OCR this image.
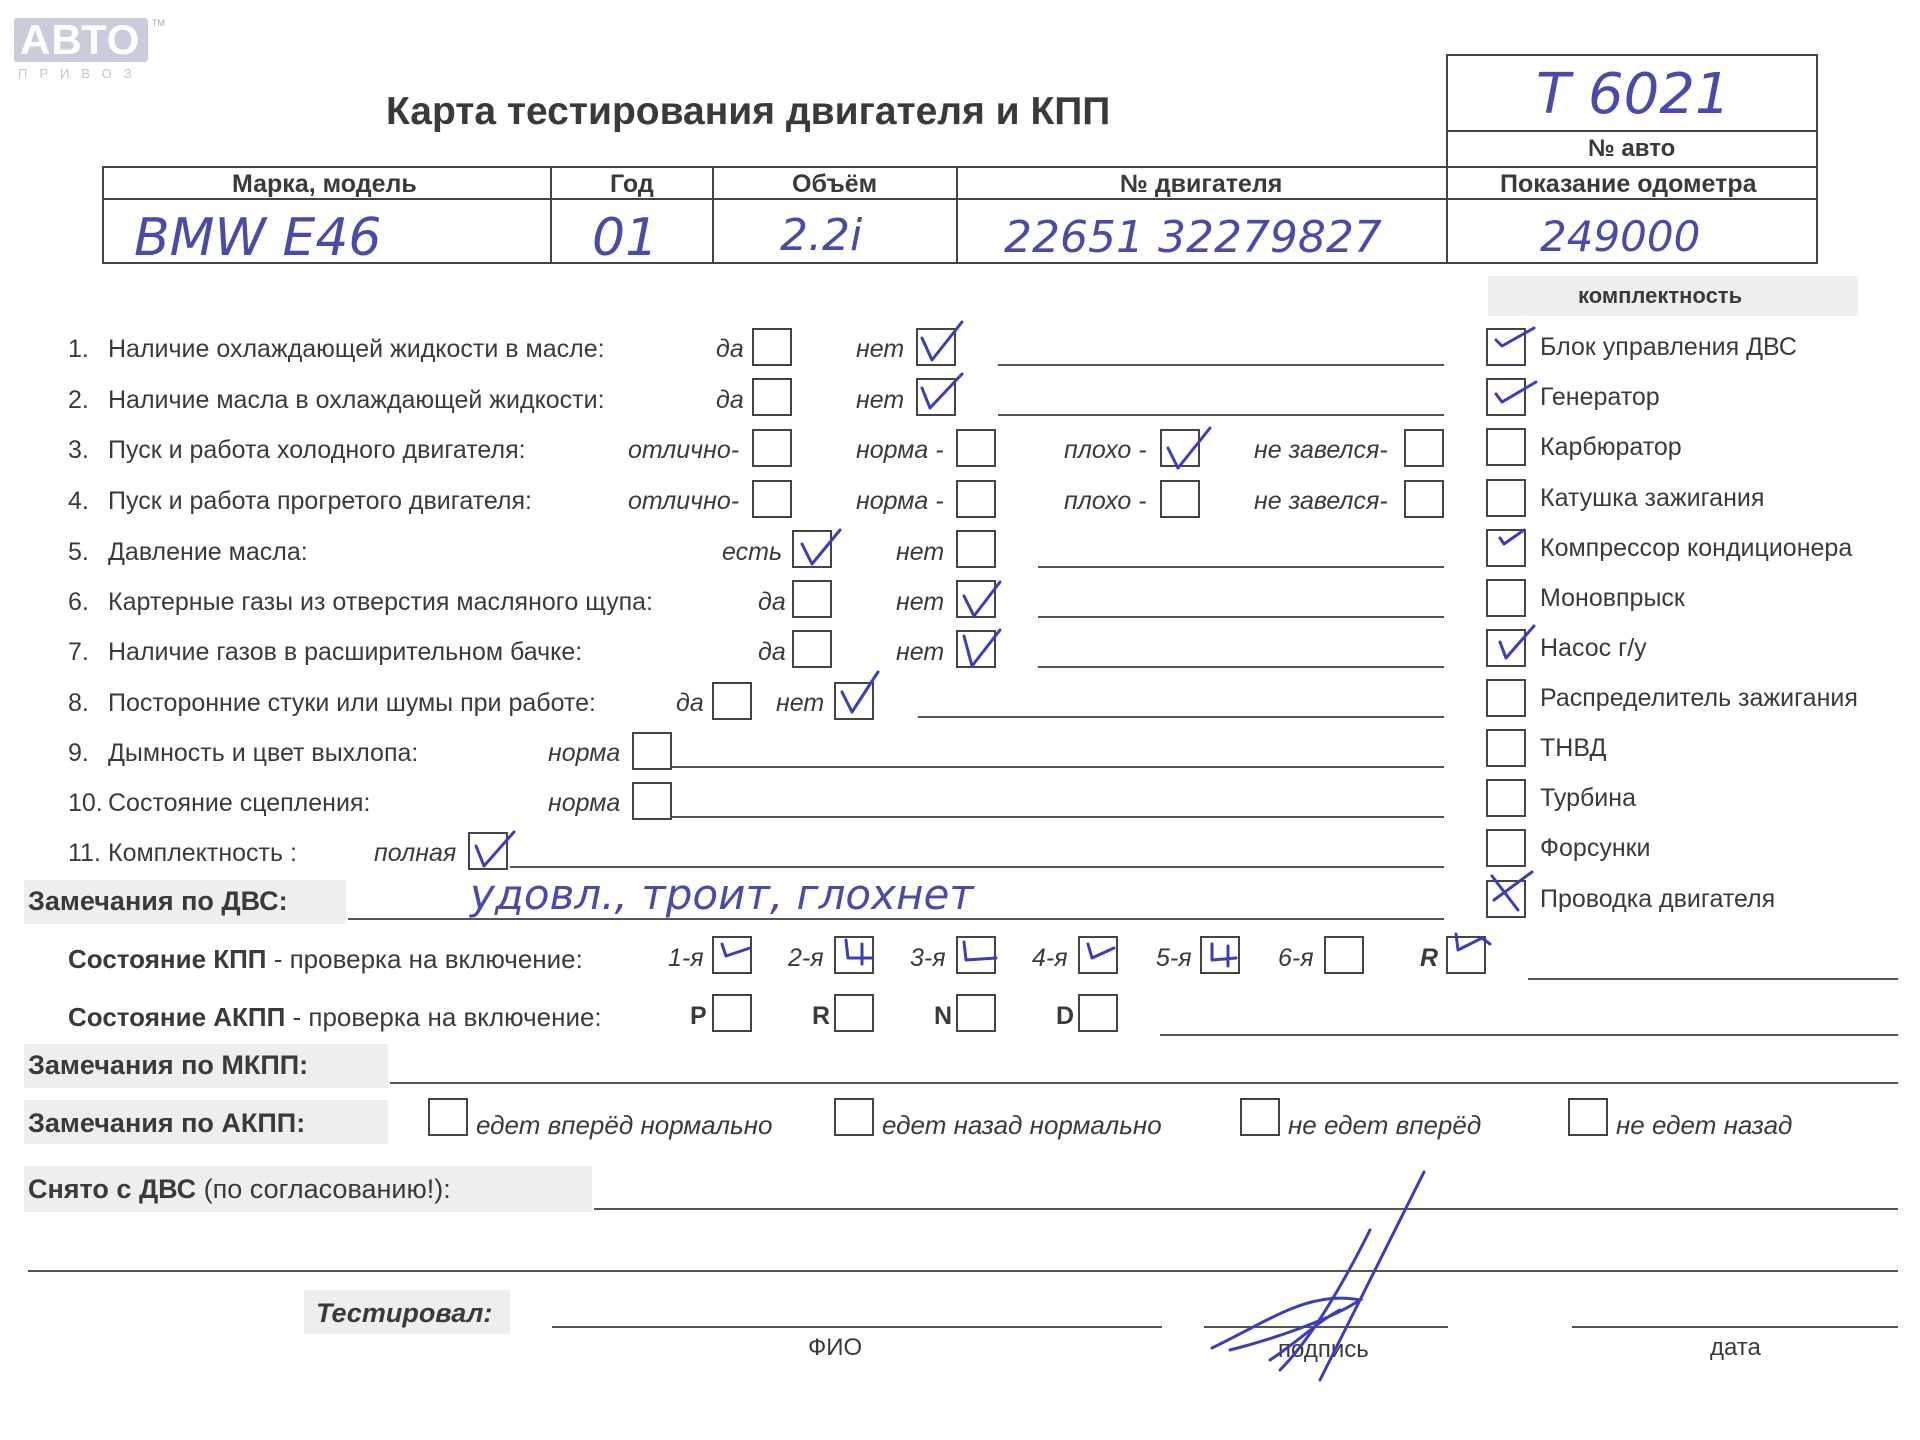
АВТО TM
ПРИВОЗ
Карта тестирования двигателя и КПП	T 6021
№ авто
Марка, модель	Год	Объём	№ двигателя	Показание одометра
BMW E46	01	2.2i	22651 32279827	249000
комплектность
Блок управления ДВС
Генератор
Карбюратор
Катушка зажигания
Компрессор кондиционера
Моновпрыск
Насос г/у
Распределитель зажигания
ТНВД
Турбина
Форсунки
Проводка двигателя
1. Наличие охлаждающей жидкости в масле:	да	нет
2. Наличие масла в охлаждающей жидкости:	да	нет
3. Пуск и работа холодного двигателя:	отлично-	норма -	плохо -	не завелся-
4. Пуск и работа прогретого двигателя:	отлично-	норма -	плохо -	не завелся-
5. Давление масла:	есть	нет
6. Картерные газы из отверстия масляного щупа:	да	нет
7. Наличие газов в расширительном бачке:	да	нет
8. Посторонние стуки или шумы при работе:	да	нет
9. Дымность и цвет выхлопа:	норма
10. Состояние сцепления:	норма
11. Комплектность :	полная
Замечания по ДВС:	удовл., троит, глохнет
Состояние КПП - проверка на включение:	1-я	2-я	3-я	4-я	5-я	6-я	R
Состояние АКПП - проверка на включение:	P	R	N	D
Замечания по МКПП:
Замечания по АКПП:	едет вперёд нормально	едет назад нормально	не едет вперёд	не едет назад
Снято с ДВС (по согласованию!):
Тестировал:
ФИО	подпись	дата
